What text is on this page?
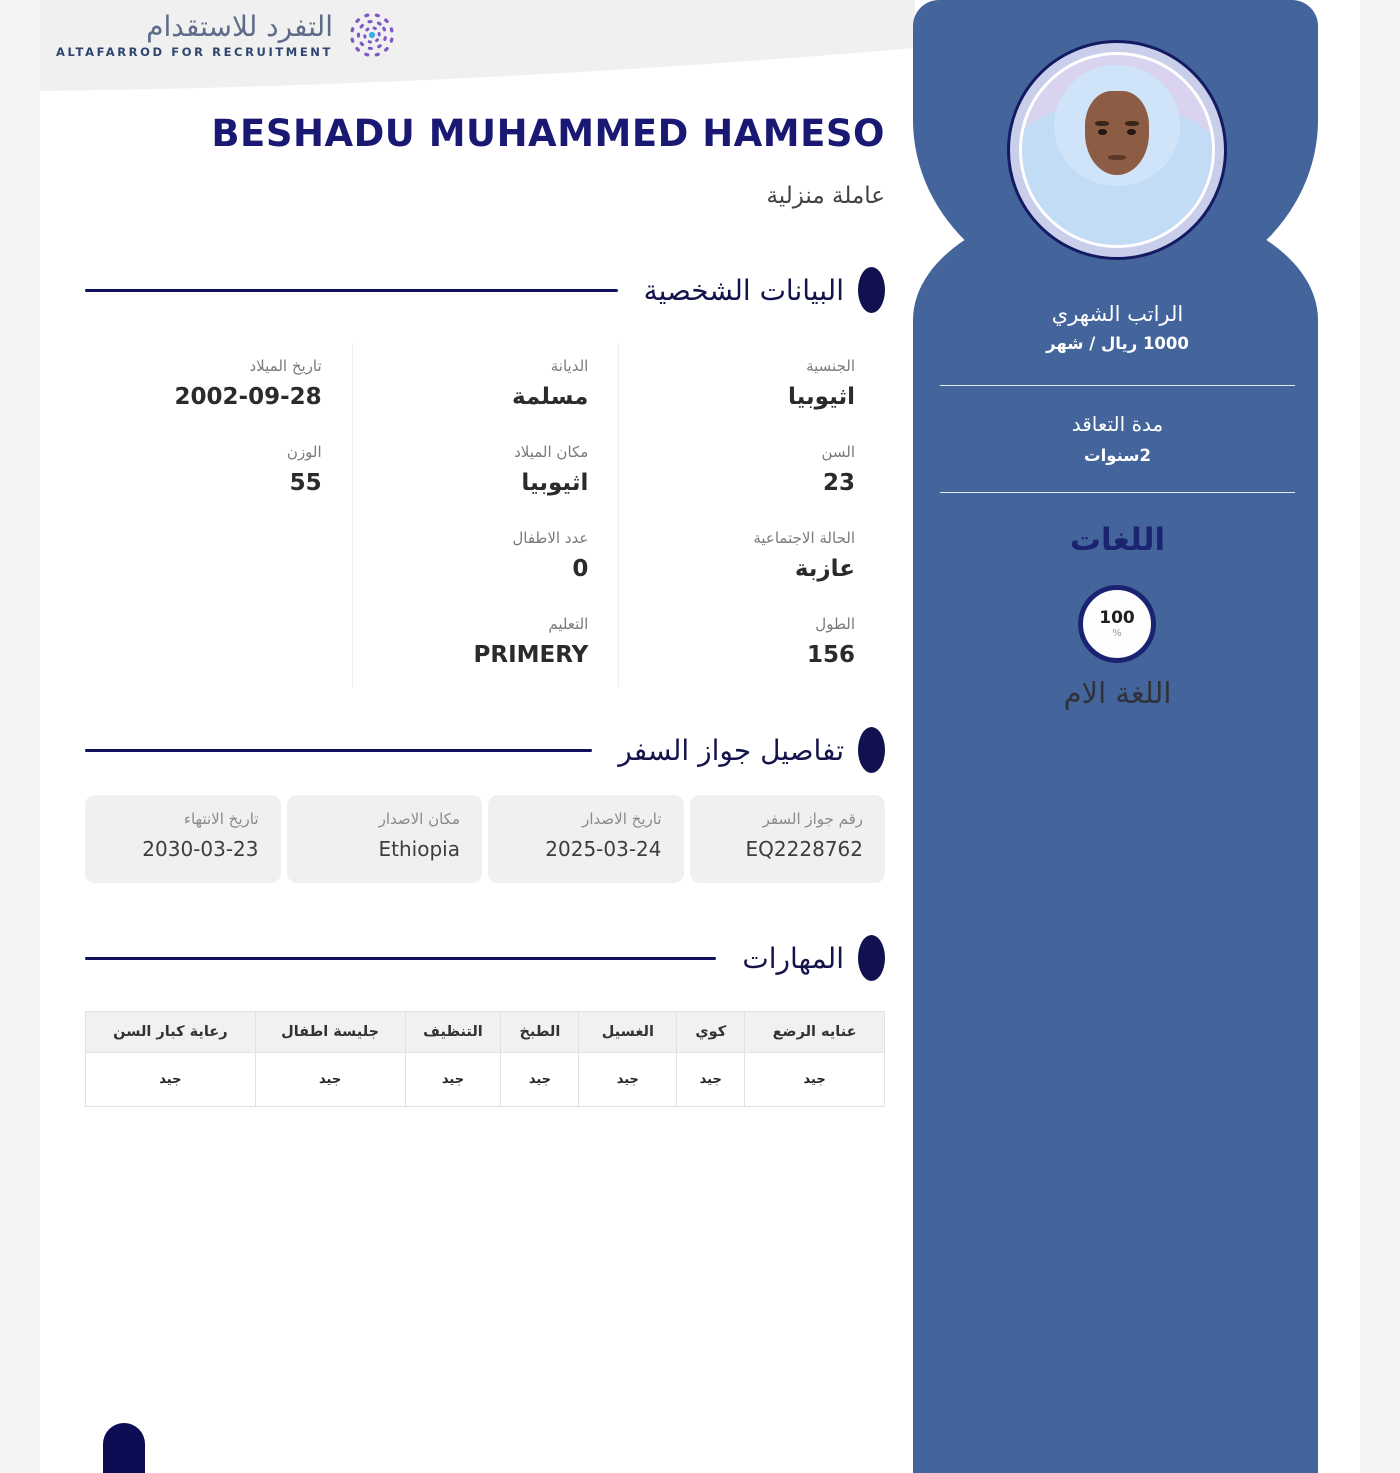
التفرد للاستقدام
ALTAFARROD FOR RECRUITMENT
BESHADU MUHAMMED HAMESO
عاملة منزلية
البيانات الشخصية
الجنسية
اثيوبيا
الديانة
مسلمة
تاريخ الميلاد
2002-09-28
السن
23
مكان الميلاد
اثيوبيا
الوزن
55
الحالة الاجتماعية
عازبة
عدد الاطفال
0
الطول
156
التعليم
PRIMERY
تفاصيل جواز السفر
رقم جواز السفر
EQ2228762
تاريخ الاصدار
2025-03-24
مكان الاصدار
Ethiopia
تاريخ الانتهاء
2030-03-23
المهارات
عنايه الرضع	كوي	الغسيل	الطبخ	التنظيف	جليسة اطفال	رعاية كبار السن
جيد	جيد	جيد	جيد	جيد	جيد	جيد
الراتب الشهري
1000 ريال / شهر
مدة التعاقد
2سنوات
اللغات
100
%
اللغة الام
